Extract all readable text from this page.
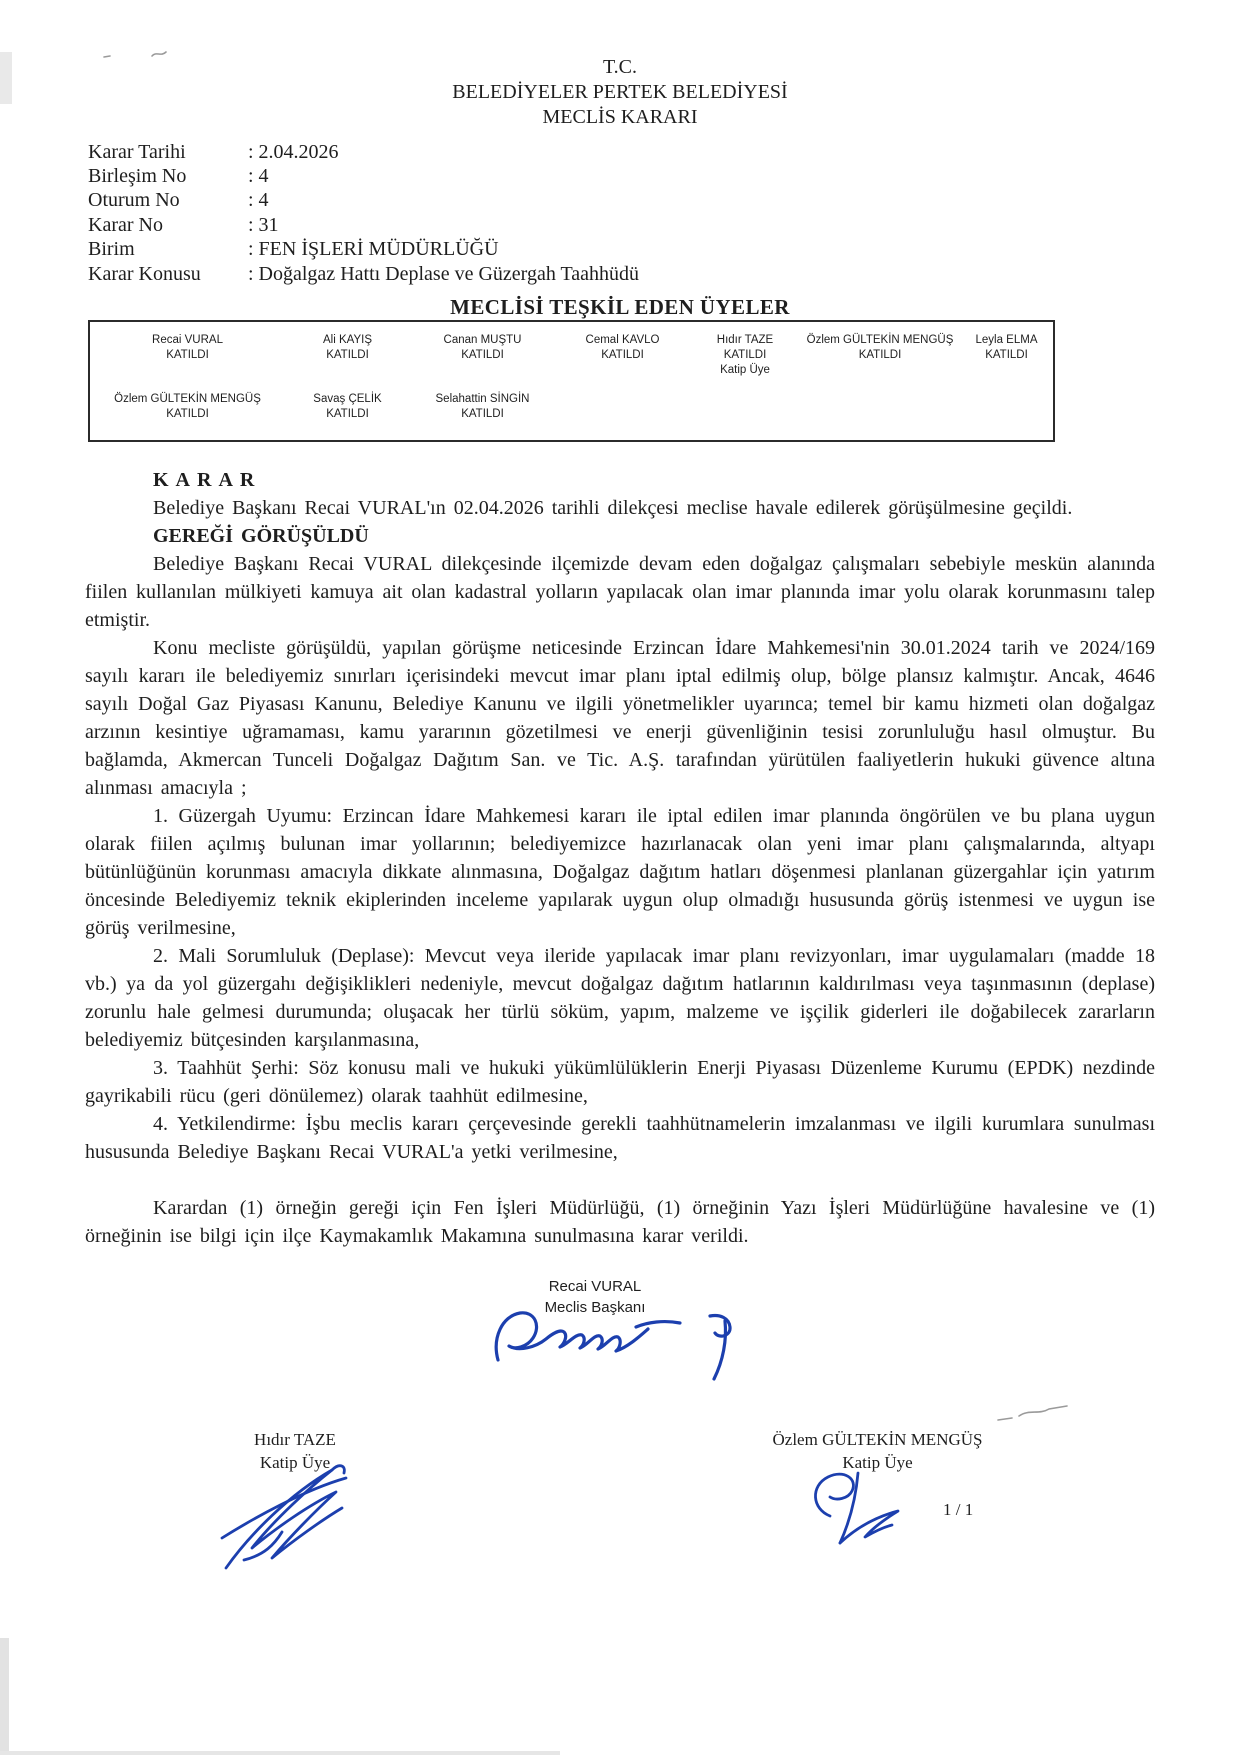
T.C.
BELEDİYELER PERTEK BELEDİYESİ
MECLİS KARARI
Karar Tarihi	: 2.04.2026
Birleşim No	: 4
Oturum No	: 4
Karar No	: 31
Birim	: FEN İŞLERİ MÜDÜRLÜĞÜ
Karar Konusu	: Doğalgaz Hattı Deplase ve Güzergah Taahhüdü
MECLİSİ TEŞKİL EDEN ÜYELER
Recai VURAL
KATILDI
Ali KAYIŞ
KATILDI
Canan MUŞTU
KATILDI
Cemal KAVLO
KATILDI
Hıdır TAZE
KATILDI
Katip Üye
Özlem GÜLTEKİN MENGÜŞ
KATILDI
Leyla ELMA
KATILDI
Özlem GÜLTEKİN MENGÜŞ
KATILDI
Savaş ÇELİK
KATILDI
Selahattin SİNGİN
KATILDI

KARAR

Belediye Başkanı Recai VURAL'ın 02.04.2026 tarihli dilekçesi meclise havale edilerek görüşülmesine geçildi.

GEREĞİ GÖRÜŞÜLDÜ

Belediye Başkanı Recai VURAL dilekçesinde ilçemizde devam eden doğalgaz çalışmaları sebebiyle meskün alanında fiilen kullanılan mülkiyeti kamuya ait olan kadastral yolların yapılacak olan imar planında imar yolu olarak korunmasını talep etmiştir.

Konu mecliste görüşüldü, yapılan görüşme neticesinde Erzincan İdare Mahkemesi'nin 30.01.2024 tarih ve 2024/169 sayılı kararı ile belediyemiz sınırları içerisindeki mevcut imar planı iptal edilmiş olup, bölge plansız kalmıştır. Ancak, 4646 sayılı Doğal Gaz Piyasası Kanunu, Belediye Kanunu ve ilgili yönetmelikler uyarınca; temel bir kamu hizmeti olan doğalgaz arzının kesintiye uğramaması, kamu yararının gözetilmesi ve enerji güvenliğinin tesisi zorunluluğu hasıl olmuştur. Bu bağlamda, Akmercan Tunceli Doğalgaz Dağıtım San. ve Tic. A.Ş. tarafından yürütülen faaliyetlerin hukuki güvence altına alınması amacıyla ;

1. Güzergah Uyumu: Erzincan İdare Mahkemesi kararı ile iptal edilen imar planında öngörülen ve bu plana uygun olarak fiilen açılmış bulunan imar yollarının; belediyemizce hazırlanacak olan yeni imar planı çalışmalarında, altyapı bütünlüğünün korunması amacıyla dikkate alınmasına, Doğalgaz dağıtım hatları döşenmesi planlanan güzergahlar için yatırım öncesinde Belediyemiz teknik ekiplerinden inceleme yapılarak uygun olup olmadığı hususunda görüş istenmesi ve uygun ise görüş verilmesine,

2. Mali Sorumluluk (Deplase): Mevcut veya ileride yapılacak imar planı revizyonları, imar uygulamaları (madde 18 vb.) ya da yol güzergahı değişiklikleri nedeniyle, mevcut doğalgaz dağıtım hatlarının kaldırılması veya taşınmasının (deplase) zorunlu hale gelmesi durumunda; oluşacak her türlü söküm, yapım, malzeme ve işçilik giderleri ile doğabilecek zararların belediyemiz bütçesinden karşılanmasına,

3. Taahhüt Şerhi: Söz konusu mali ve hukuki yükümlülüklerin Enerji Piyasası Düzenleme Kurumu (EPDK) nezdinde gayrikabili rücu (geri dönülemez) olarak taahhüt edilmesine,

4. Yetkilendirme: İşbu meclis kararı çerçevesinde gerekli taahhütnamelerin imzalanması ve ilgili kurumlara sunulması hususunda Belediye Başkanı Recai VURAL'a yetki verilmesine,

Karardan (1) örneğin gereği için Fen İşleri Müdürlüğü, (1) örneğinin Yazı İşleri Müdürlüğüne havalesine ve (1) örneğinin ise bilgi için ilçe Kaymakamlık Makamına sunulmasına karar verildi.

Recai VURAL
Meclis Başkanı
Hıdır TAZE
Katip Üye
Özlem GÜLTEKİN MENGÜŞ
Katip Üye
1 / 1
